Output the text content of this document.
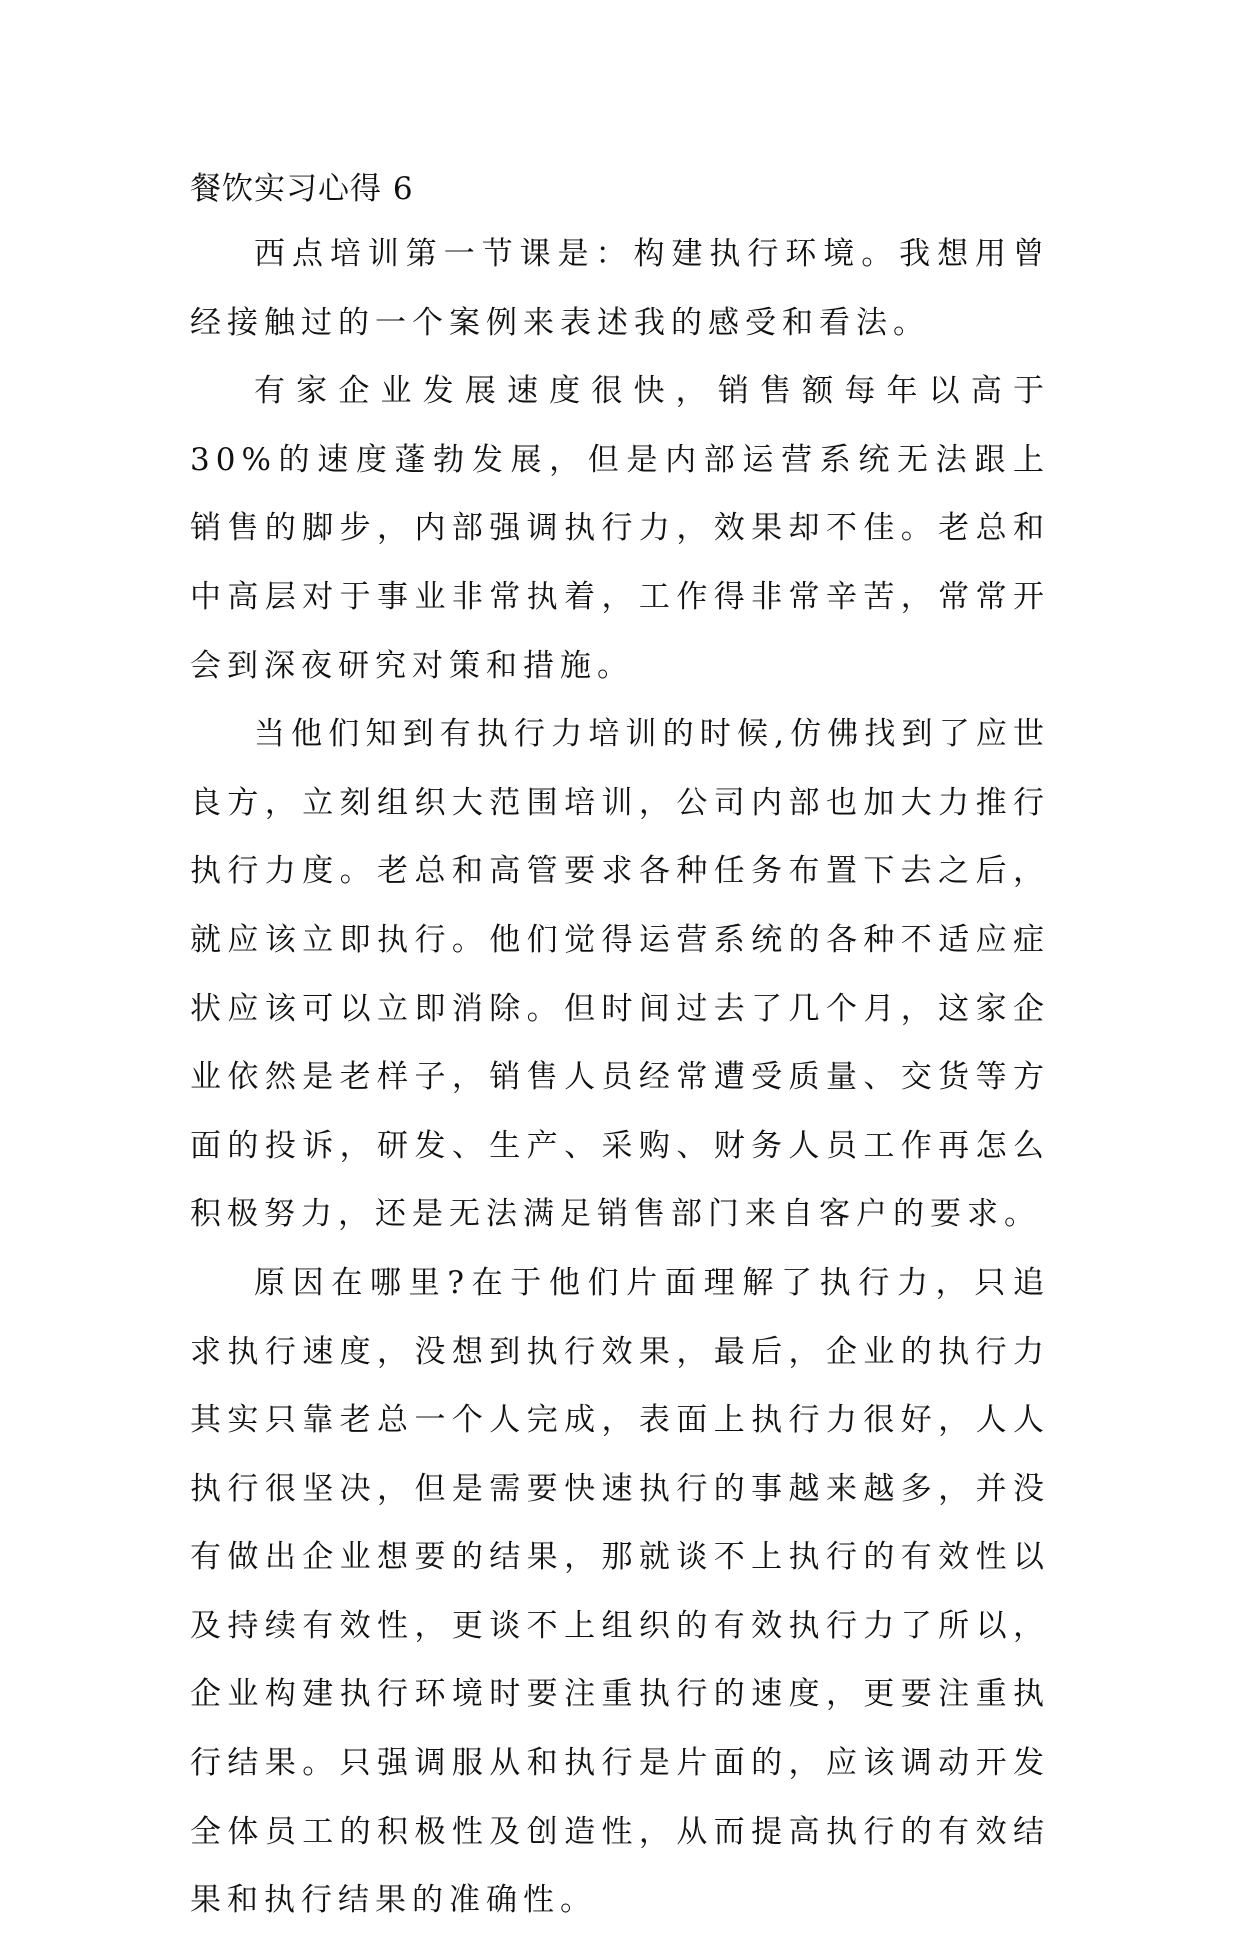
餐饮实习心得 6

西点培训第一节课是：构建执行环境。我想用曾经接触过的一个案例来表述我的感受和看法。

有家企业发展速度很快，销售额每年以高于 30%的速度蓬勃发展，但是内部运营系统无法跟上销售的脚步，内部强调执行力，效果却不佳。老总和中高层对于事业非常执着，工作得非常辛苦，常常开会到深夜研究对策和措施。

当他们知到有执行力培训的时候,仿佛找到了应世良方，立刻组织大范围培训，公司内部也加大力推行执行力度。老总和高管要求各种任务布置下去之后，就应该立即执行。他们觉得运营系统的各种不适应症状应该可以立即消除。但时间过去了几个月，这家企业依然是老样子，销售人员经常遭受质量、交货等方面的投诉，研发、生产、采购、财务人员工作再怎么积极努力，还是无法满足销售部门来自客户的要求。

原因在哪里?在于他们片面理解了执行力，只追求执行速度，没想到执行效果，最后，企业的执行力其实只靠老总一个人完成，表面上执行力很好，人人执行很坚决，但是需要快速执行的事越来越多，并没有做出企业想要的结果，那就谈不上执行的有效性以及持续有效性，更谈不上组织的有效执行力了所以，企业构建执行环境时要注重执行的速度，更要注重执行结果。只强调服从和执行是片面的，应该调动开发全体员工的积极性及创造性，从而提高执行的有效结果和执行结果的准确性。
